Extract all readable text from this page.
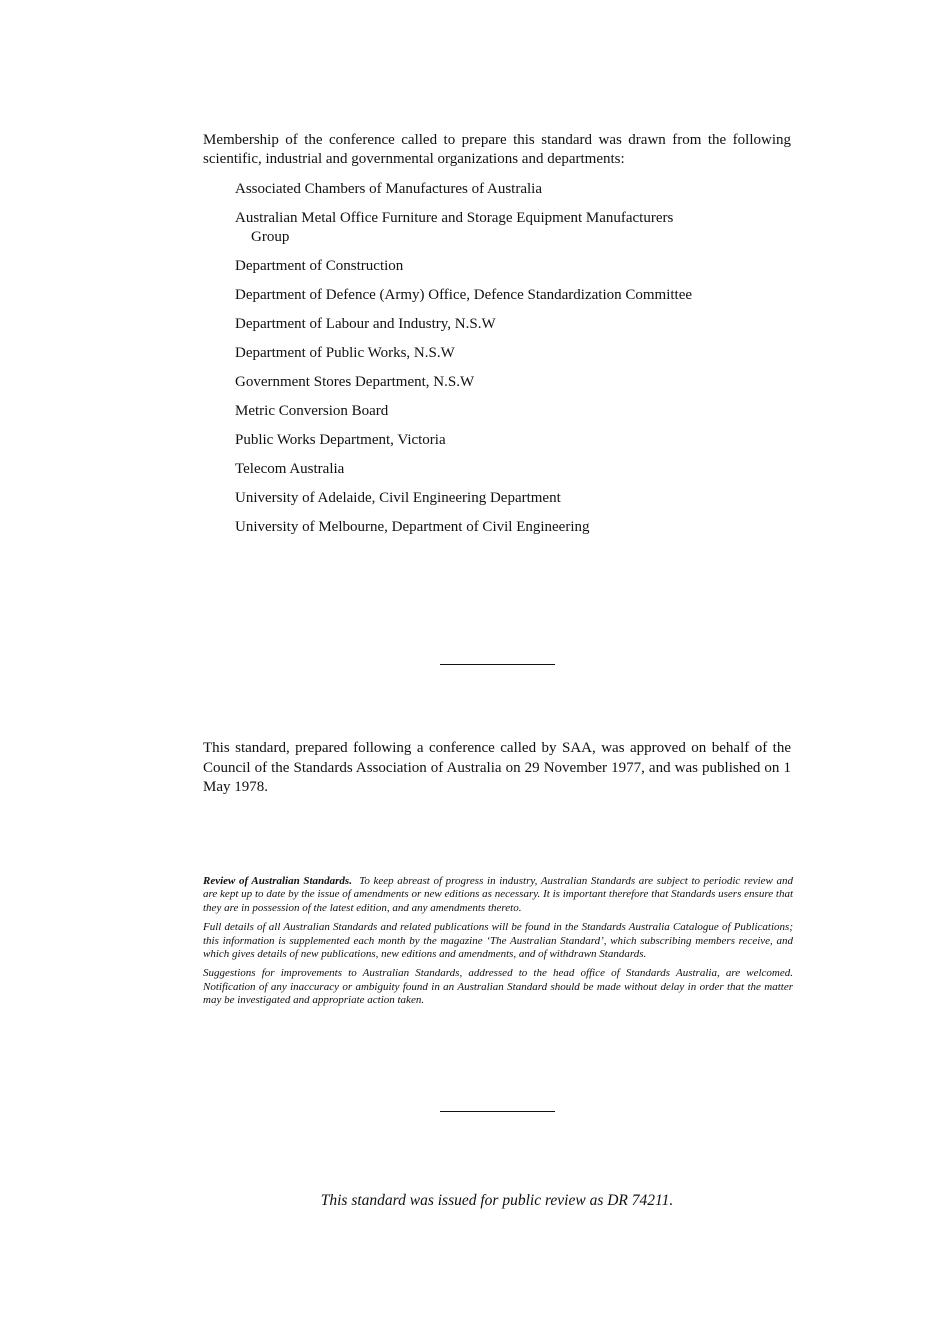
Membership of the conference called to prepare this standard was drawn from the following scientific, industrial and governmental organizations and departments:

Associated Chambers of Manufactures of Australia
Australian Metal Office Furniture and Storage Equipment Manufacturers Group
Department of Construction
Department of Defence (Army) Office, Defence Standardization Committee
Department of Labour and Industry, N.S.W
Department of Public Works, N.S.W
Government Stores Department, N.S.W
Metric Conversion Board
Public Works Department, Victoria
Telecom Australia
University of Adelaide, Civil Engineering Department
University of Melbourne, Department of Civil Engineering

This standard, prepared following a conference called by SAA, was approved on behalf of the Council of the Standards Association of Australia on 29 November 1977, and was published on 1 May 1978.

Review of Australian Standards. To keep abreast of progress in industry, Australian Standards are subject to periodic review and are kept up to date by the issue of amendments or new editions as necessary. It is important therefore that Standards users ensure that they are in possession of the latest edition, and any amendments thereto.

Full details of all Australian Standards and related publications will be found in the Standards Australia Catalogue of Publications; this information is supplemented each month by the magazine ‘The Australian Standard’, which subscribing members receive, and which gives details of new publications, new editions and amendments, and of withdrawn Standards.

Suggestions for improvements to Australian Standards, addressed to the head office of Standards Australia, are welcomed. Notification of any inaccuracy or ambiguity found in an Australian Standard should be made without delay in order that the matter may be investigated and appropriate action taken.

This standard was issued for public review as DR 74211.
